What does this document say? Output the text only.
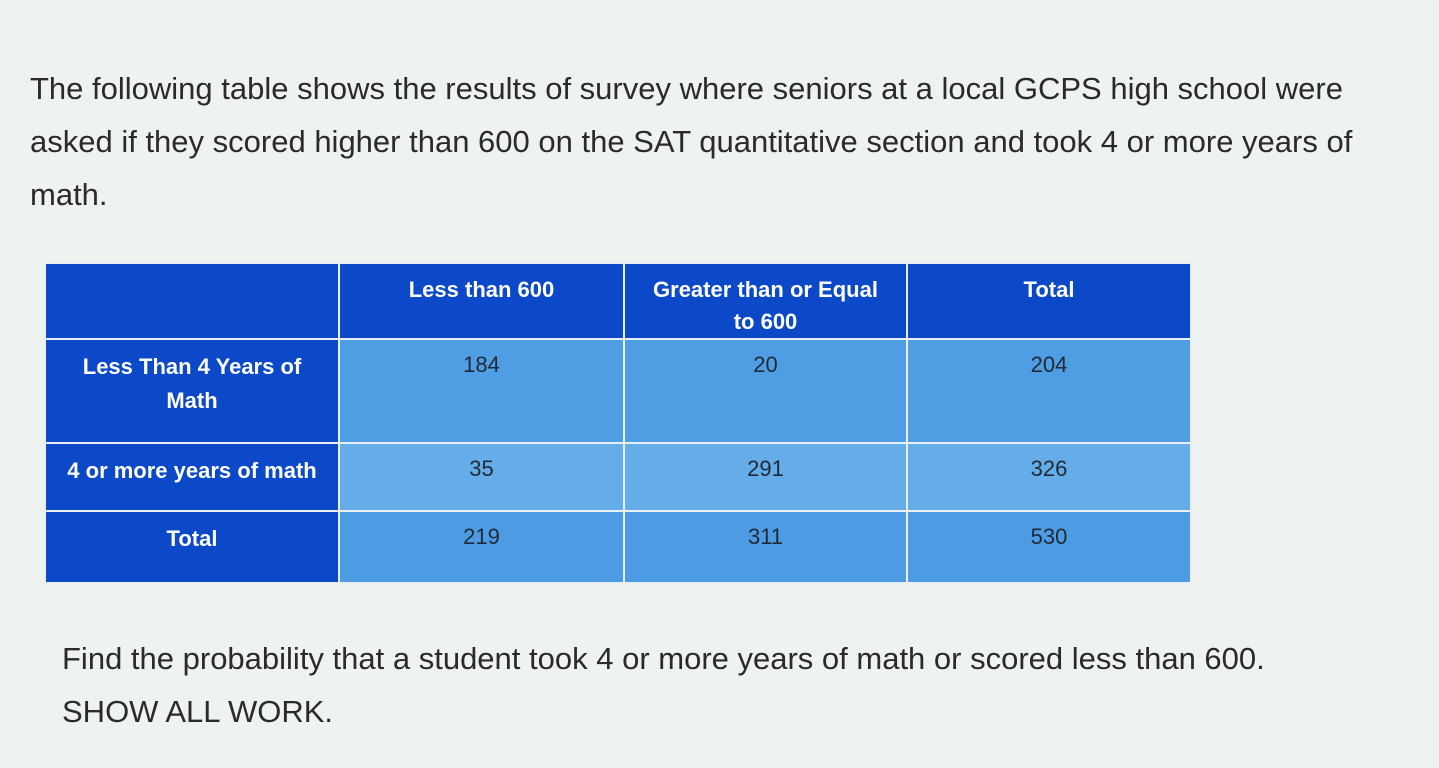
The following table shows the results of survey where seniors at a local GCPS high school were asked if they scored higher than 600 on the SAT quantitative section and took 4 or more years of math.

	Less than 600	Greater than or Equal to 600	Total
Less Than 4 Years of Math	184	20	204
4 or more years of math	35	291	326
Total	219	311	530

Find the probability that a student took 4 or more years of math or scored less than 600. SHOW ALL WORK.
